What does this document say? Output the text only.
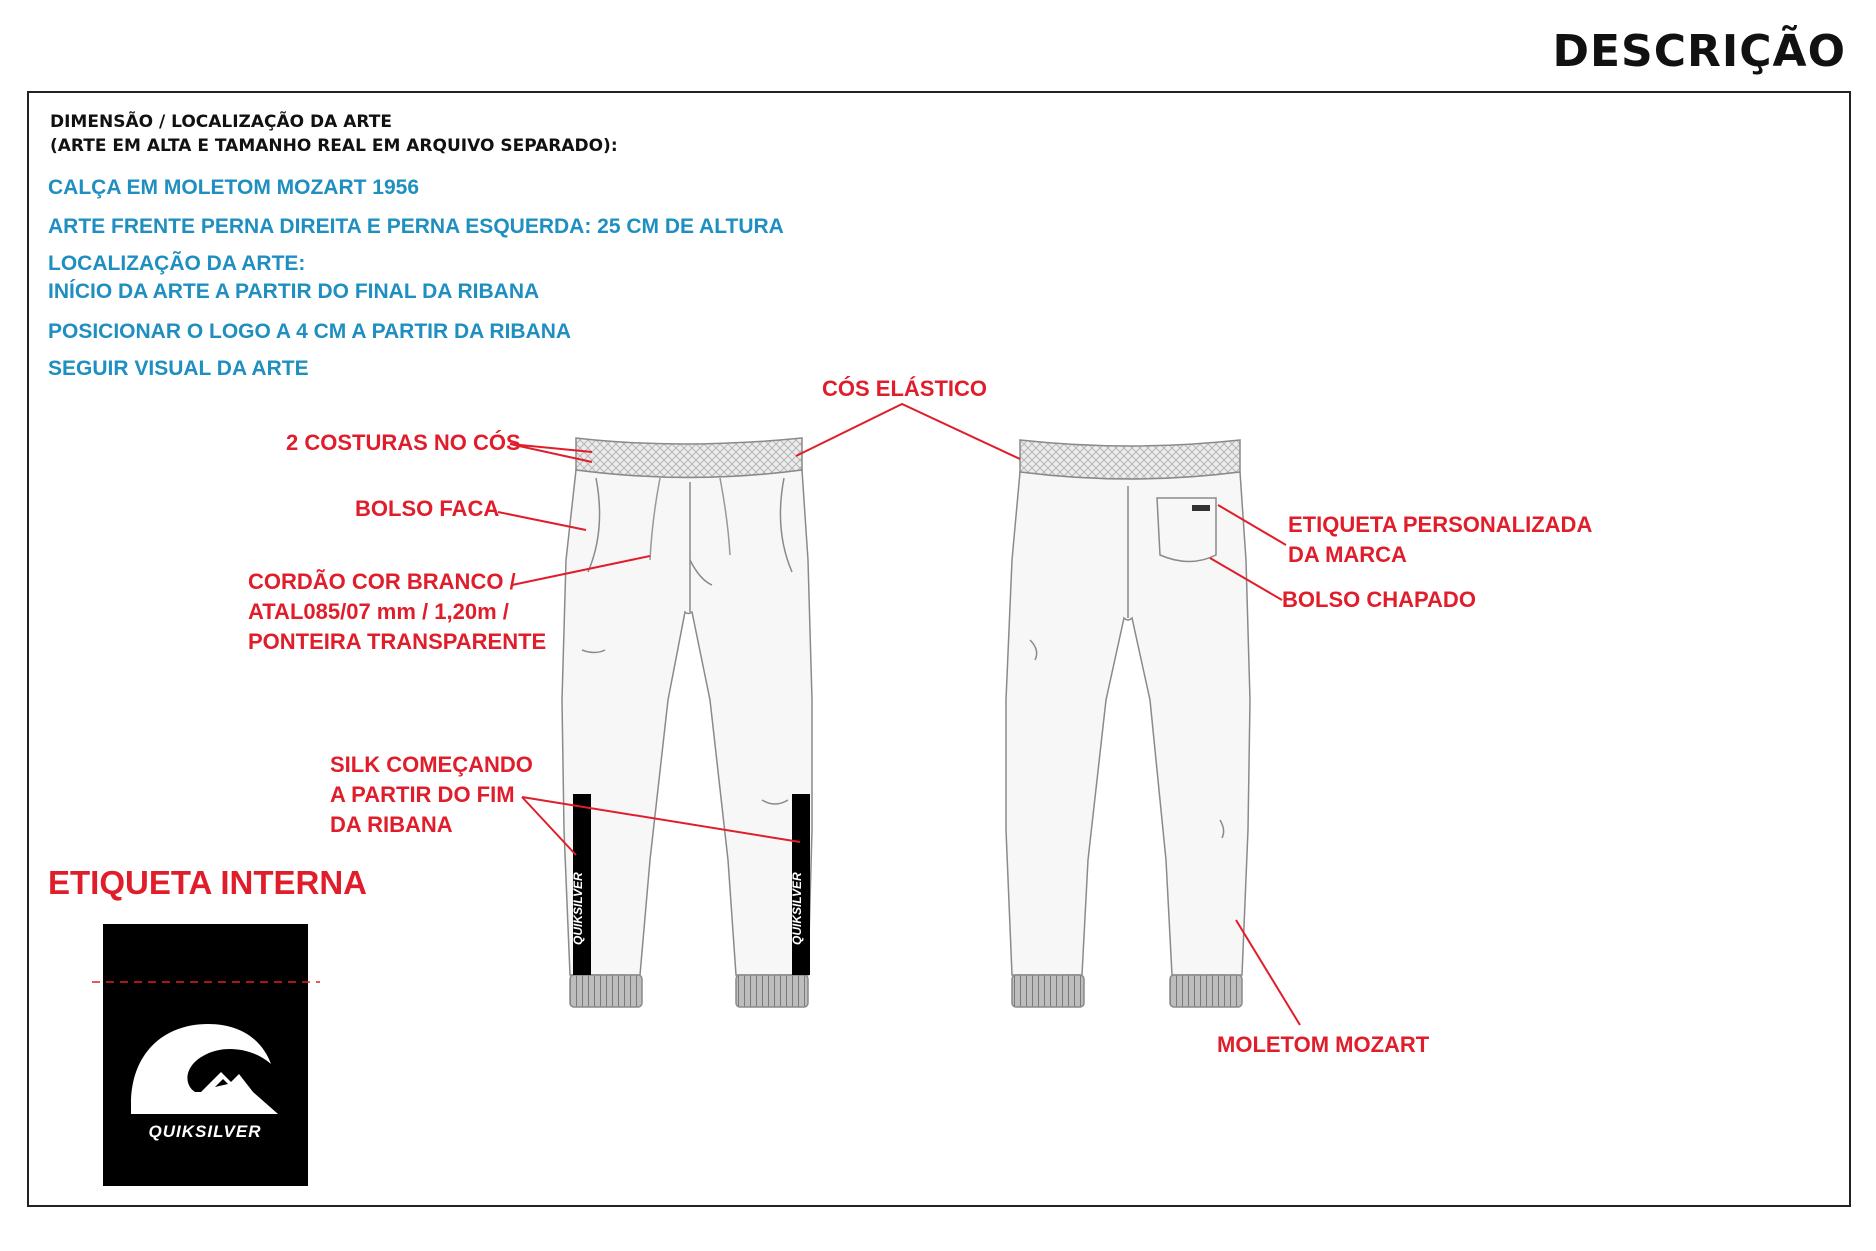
DESCRIÇÃO
DIMENSÃO / LOCALIZAÇÃO DA ARTE
(ARTE EM ALTA E TAMANHO REAL EM ARQUIVO SEPARADO):
CALÇA EM MOLETOM MOZART 1956
ARTE FRENTE PERNA DIREITA E PERNA ESQUERDA: 25 CM DE ALTURA
LOCALIZAÇÃO DA ARTE:
INÍCIO DA ARTE A PARTIR DO FINAL DA RIBANA
POSICIONAR O LOGO A 4 CM A PARTIR DA RIBANA
SEGUIR VISUAL DA ARTE
CÓS ELÁSTICO
2 COSTURAS NO CÓS
BOLSO FACA
CORDÃO COR BRANCO /
ATAL085/07 mm / 1,20m /
PONTEIRA TRANSPARENTE
SILK COMEÇANDO
A PARTIR DO FIM
DA RIBANA
ETIQUETA PERSONALIZADA
DA MARCA
BOLSO CHAPADO
MOLETOM MOZART
ETIQUETA INTERNA
QUIKSILVER
QUIKSILVER	QUIKSILVER
